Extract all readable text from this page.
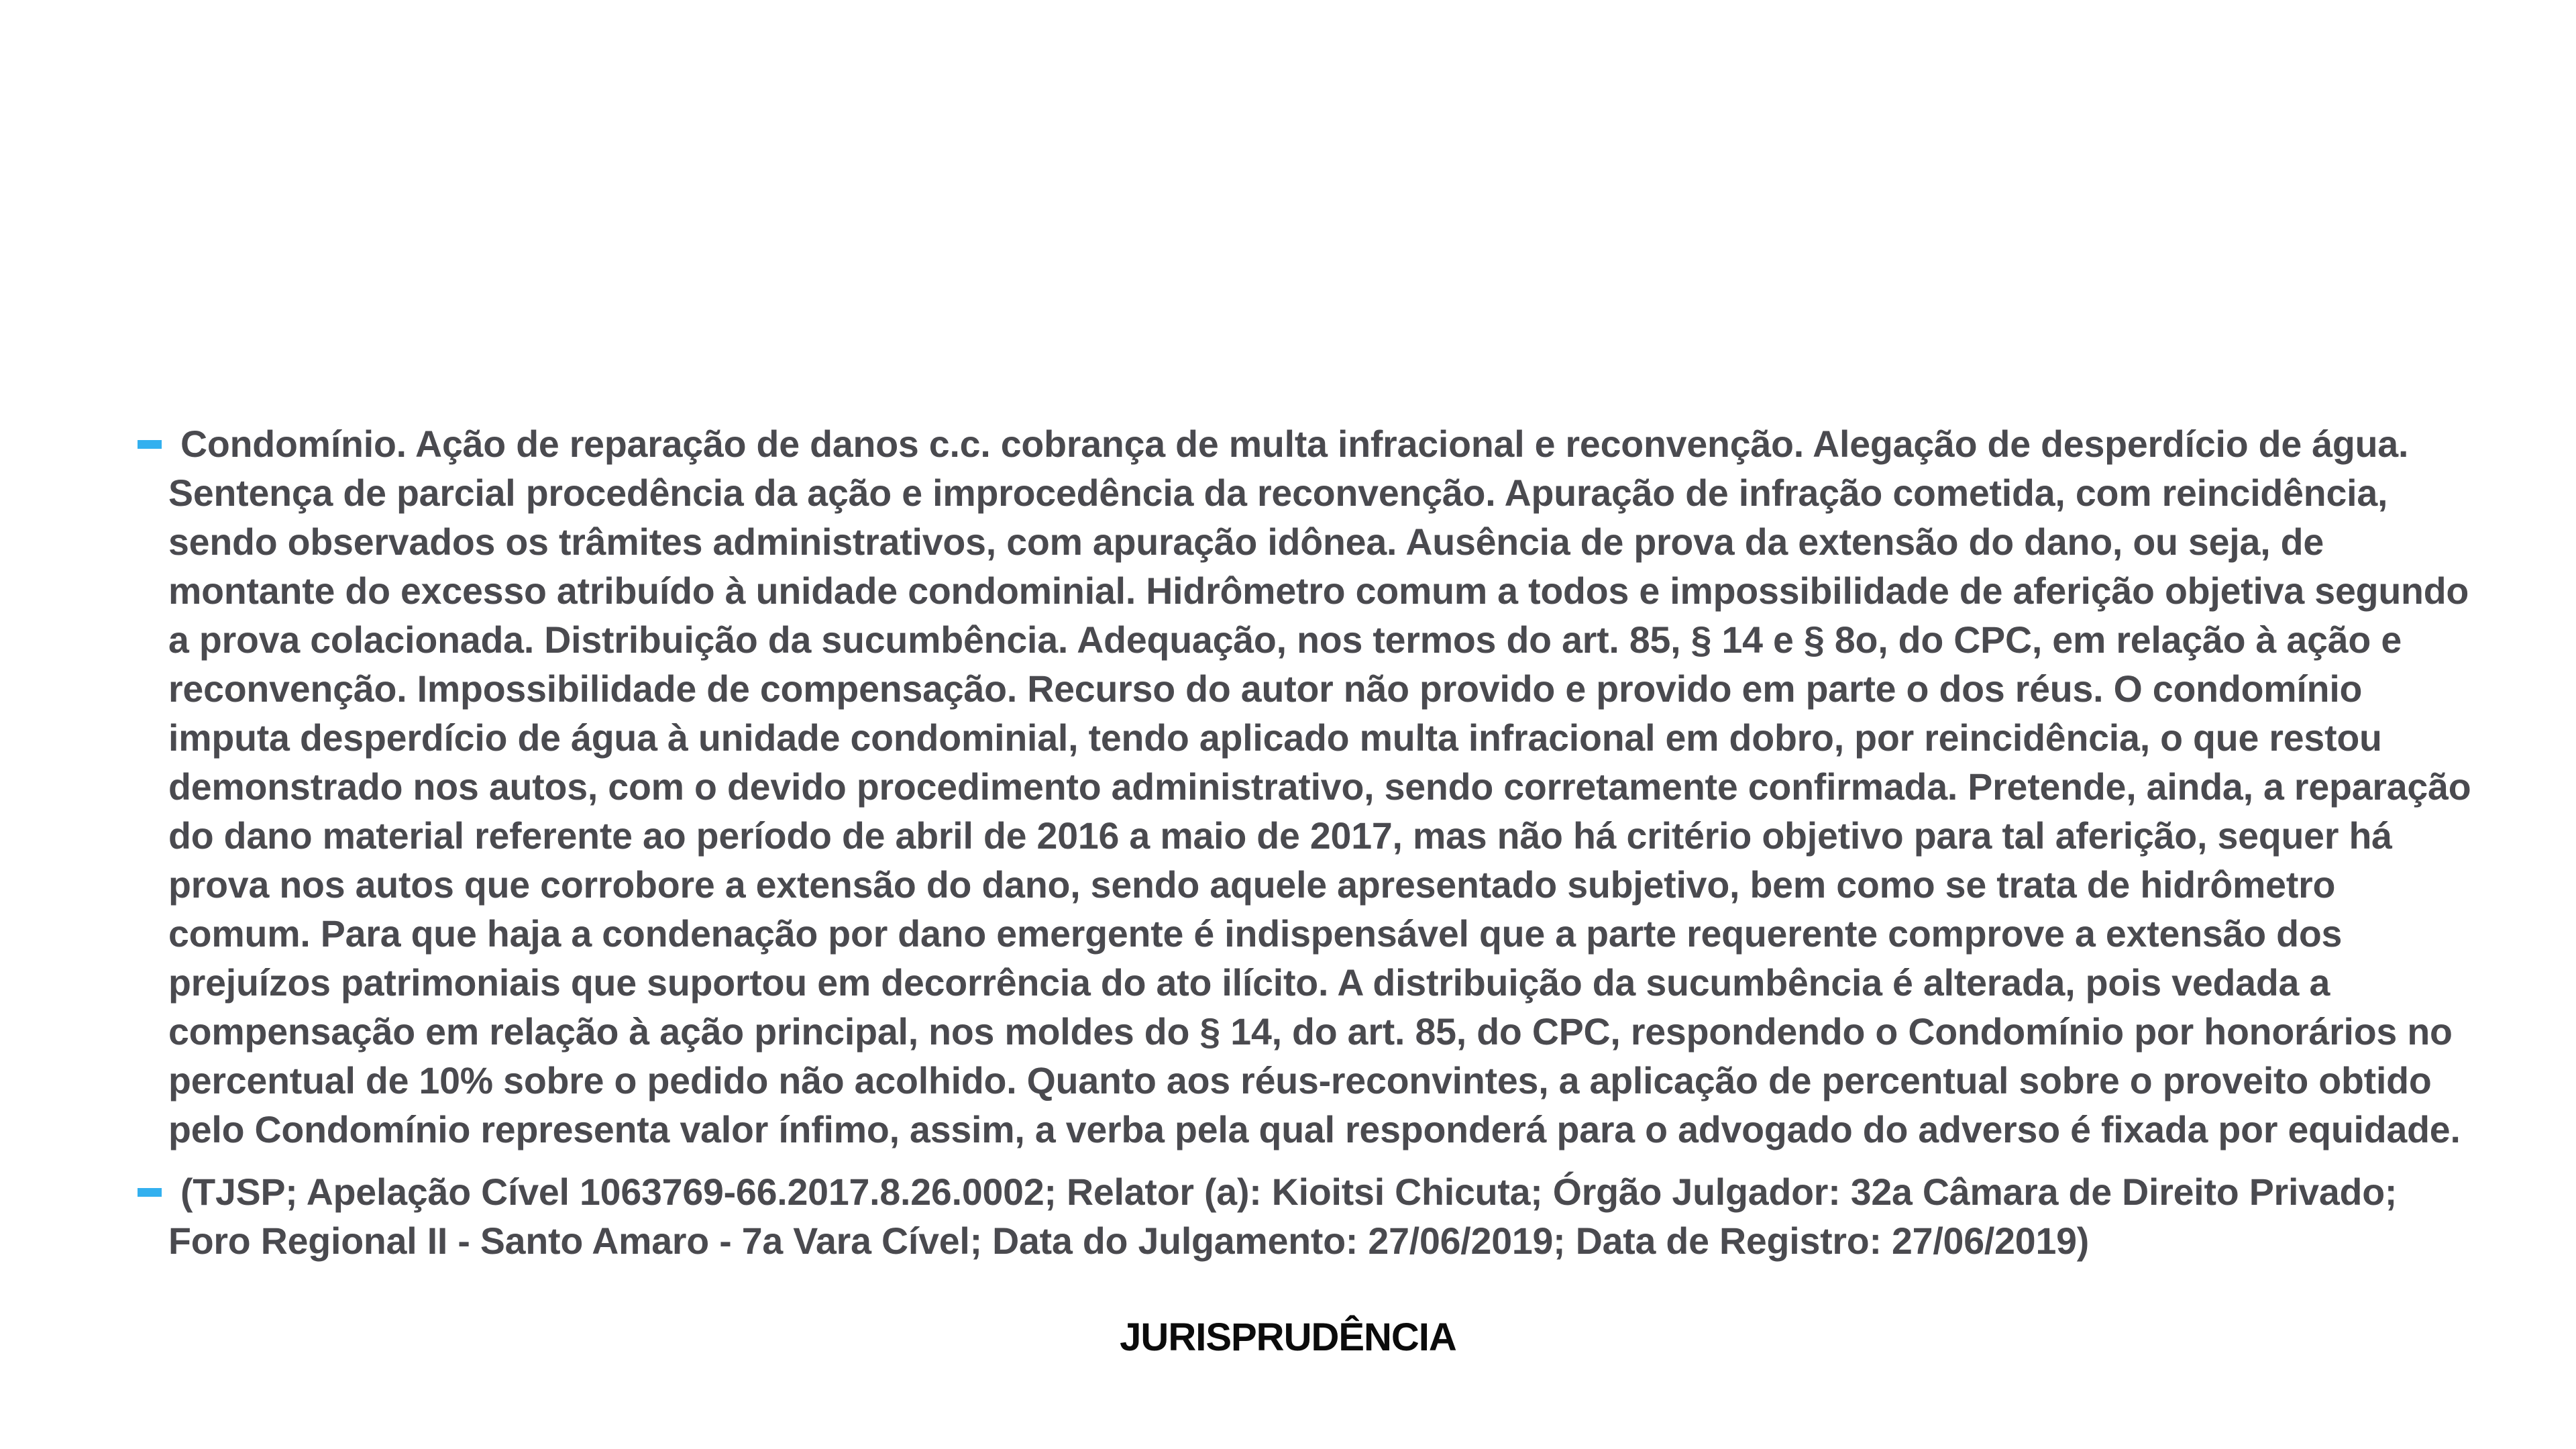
Condomínio. Ação de reparação de danos c.c. cobrança de multa infracional e reconvenção. Alegação de desperdício de água. Sentença de parcial procedência da ação e improcedência da reconvenção. Apuração de infração cometida, com reincidência, sendo observados os trâmites administrativos, com apuração idônea. Ausência de prova da extensão do dano, ou seja, de montante do excesso atribuído à unidade condominial. Hidrômetro comum a todos e impossibilidade de aferição objetiva segundo a prova colacionada. Distribuição da sucumbência. Adequação, nos termos do art. 85, § 14 e § 8o, do CPC, em relação à ação e reconvenção. Impossibilidade de compensação. Recurso do autor não provido e provido em parte o dos réus. O condomínio imputa desperdício de água à unidade condominial, tendo aplicado multa infracional em dobro, por reincidência, o que restou demonstrado nos autos, com o devido procedimento administrativo, sendo corretamente confirmada. Pretende, ainda, a reparação do dano material referente ao período de abril de 2016 a maio de 2017, mas não há critério objetivo para tal aferição, sequer há prova nos autos que corrobore a extensão do dano, sendo aquele apresentado subjetivo, bem como se trata de hidrômetro comum. Para que haja a condenação por dano emergente é indispensável que a parte requerente comprove a extensão dos prejuízos patrimoniais que suportou em decorrência do ato ilícito. A distribuição da sucumbência é alterada, pois vedada a compensação em relação à ação principal, nos moldes do § 14, do art. 85, do CPC, respondendo o Condomínio por honorários no percentual de 10% sobre o pedido não acolhido. Quanto aos réus-reconvintes, a aplicação de percentual sobre o proveito obtido pelo Condomínio representa valor ínfimo, assim, a verba pela qual responderá para o advogado do adverso é fixada por equidade.
(TJSP; Apelação Cível 1063769-66.2017.8.26.0002; Relator (a): Kioitsi Chicuta; Órgão Julgador: 32a Câmara de Direito Privado; Foro Regional II - Santo Amaro - 7a Vara Cível; Data do Julgamento: 27/06/2019; Data de Registro: 27/06/2019)
JURISPRUDÊNCIA
